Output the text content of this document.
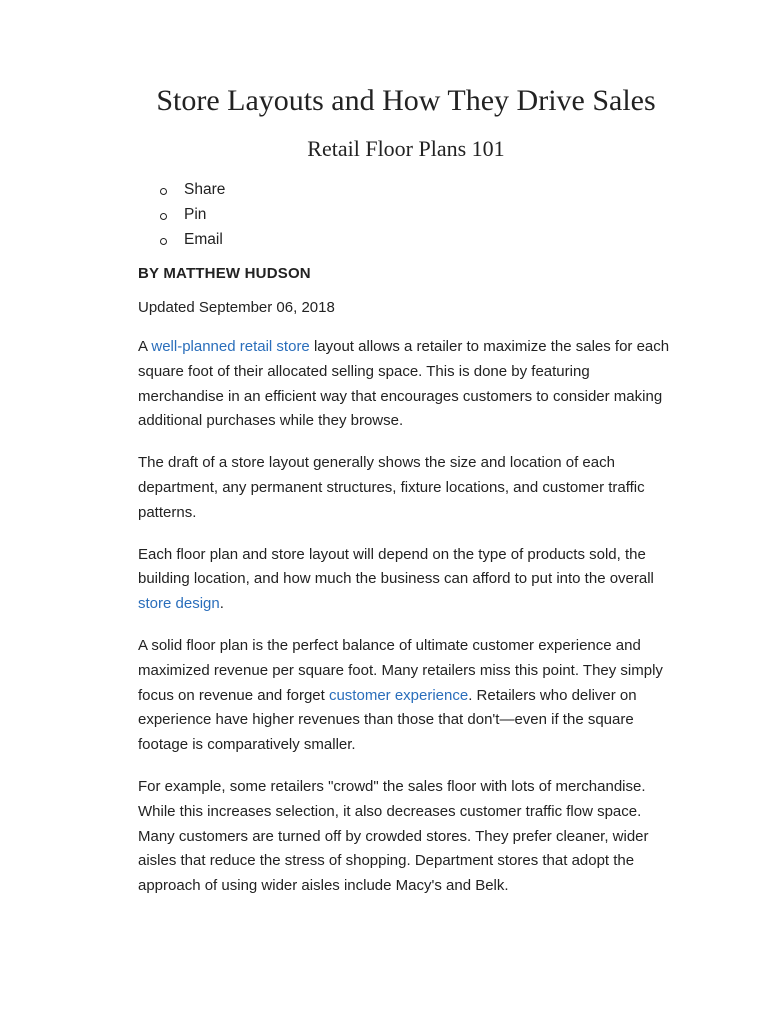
Store Layouts and How They Drive Sales
Retail Floor Plans 101
Share
Pin
Email
BY MATTHEW HUDSON
Updated September 06, 2018

A well-planned retail store layout allows a retailer to maximize the sales for each square foot of their allocated selling space. This is done by featuring merchandise in an efficient way that encourages customers to consider making additional purchases while they browse.

The draft of a store layout generally shows the size and location of each department, any permanent structures, fixture locations, and customer traffic patterns.

Each floor plan and store layout will depend on the type of products sold, the building location, and how much the business can afford to put into the overall store design.

A solid floor plan is the perfect balance of ultimate customer experience and maximized revenue per square foot. Many retailers miss this point. They simply focus on revenue and forget customer experience. Retailers who deliver on experience have higher revenues than those that don't—even if the square footage is comparatively smaller.

For example, some retailers "crowd" the sales floor with lots of merchandise. While this increases selection, it also decreases customer traffic flow space. Many customers are turned off by crowded stores. They prefer cleaner, wider aisles that reduce the stress of shopping. Department stores that adopt the approach of using wider aisles include Macy's and Belk.
